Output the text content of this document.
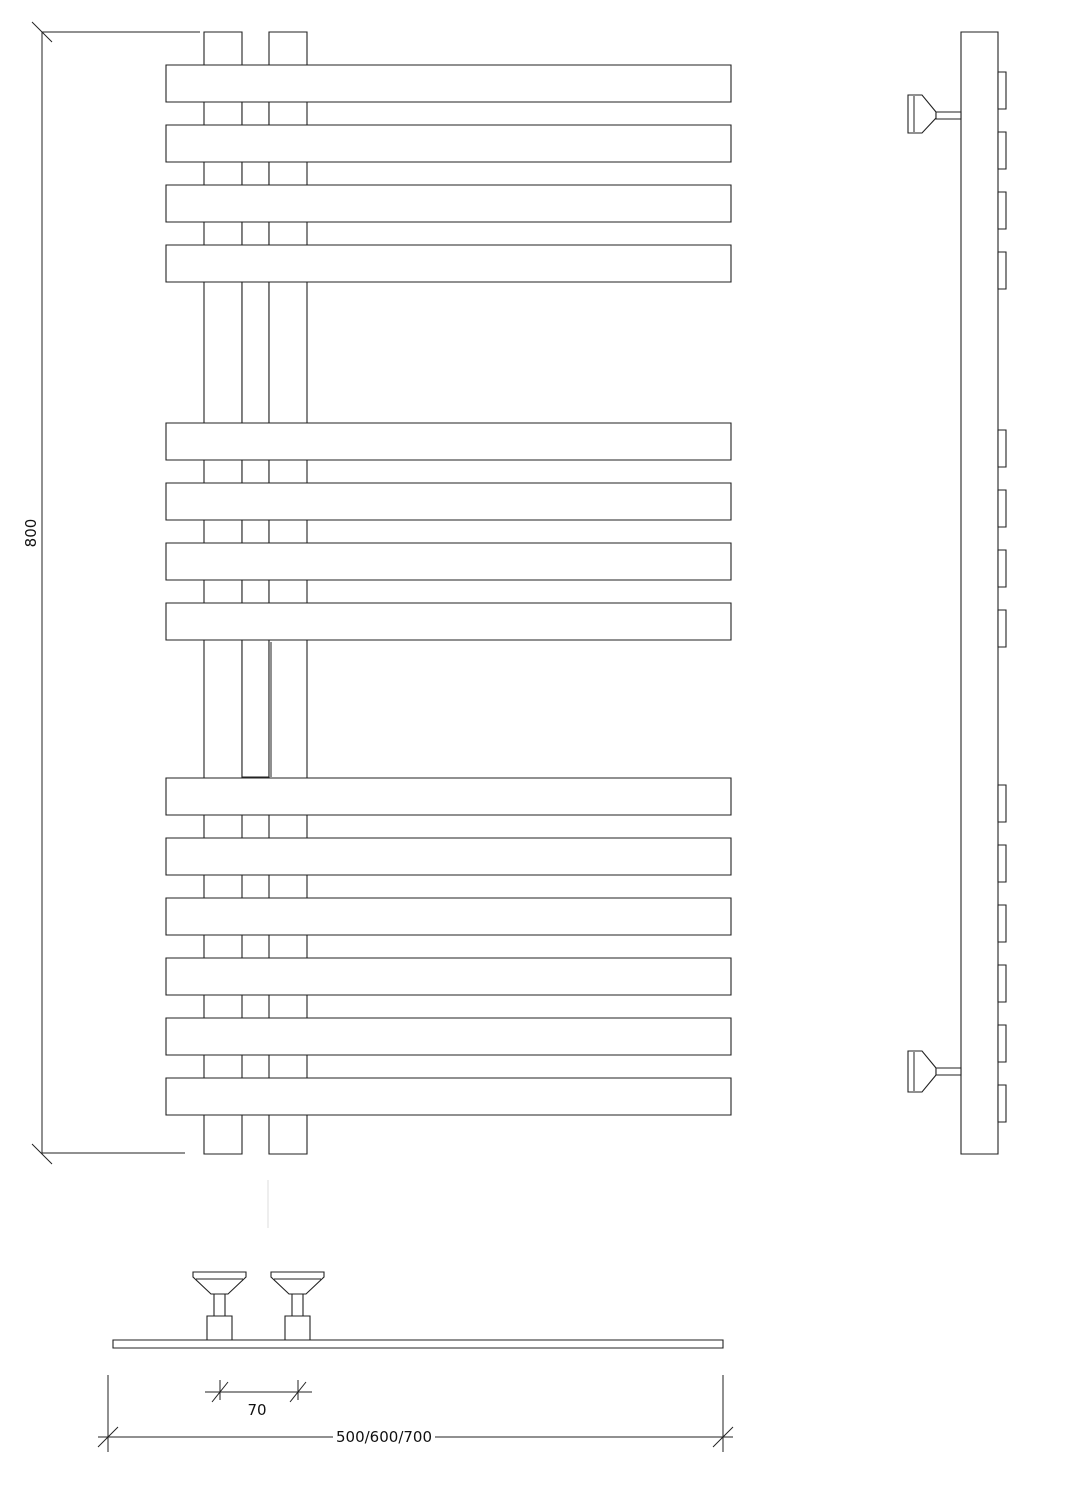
800
70
500/600/700
